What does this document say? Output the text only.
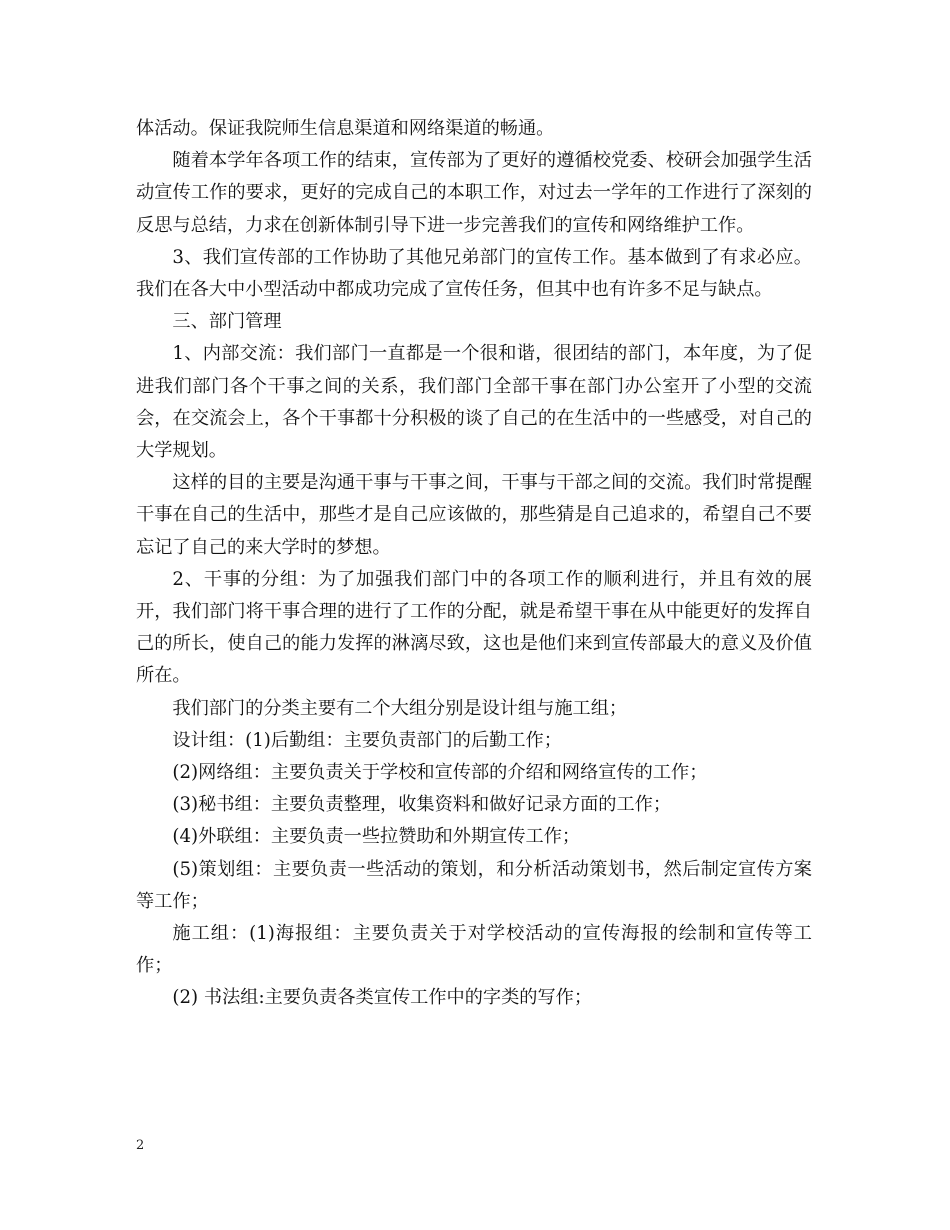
体活动。保证我院师生信息渠道和网络渠道的畅通。

随着本学年各项工作的结束，宣传部为了更好的遵循校党委、校研会加强学生活动宣传工作的要求，更好的完成自己的本职工作，对过去一学年的工作进行了深刻的反思与总结，力求在创新体制引导下进一步完善我们的宣传和网络维护工作。

3、我们宣传部的工作协助了其他兄弟部门的宣传工作。基本做到了有求必应。我们在各大中小型活动中都成功完成了宣传任务，但其中也有许多不足与缺点。

三、部门管理

1、内部交流：我们部门一直都是一个很和谐，很团结的部门，本年度，为了促进我们部门各个干事之间的关系，我们部门全部干事在部门办公室开了小型的交流会，在交流会上，各个干事都十分积极的谈了自己的在生活中的一些感受，对自己的大学规划。

这样的目的主要是沟通干事与干事之间，干事与干部之间的交流。我们时常提醒干事在自己的生活中，那些才是自己应该做的，那些猜是自己追求的，希望自己不要忘记了自己的来大学时的梦想。

2、干事的分组：为了加强我们部门中的各项工作的顺利进行，并且有效的展开，我们部门将干事合理的进行了工作的分配，就是希望干事在从中能更好的发挥自己的所长，使自己的能力发挥的淋漓尽致，这也是他们来到宣传部最大的意义及价值所在。

我们部门的分类主要有二个大组分别是设计组与施工组；

设计组：(1)后勤组：主要负责部门的后勤工作；

(2)网络组：主要负责关于学校和宣传部的介绍和网络宣传的工作；

(3)秘书组：主要负责整理，收集资料和做好记录方面的工作；

(4)外联组：主要负责一些拉赞助和外期宣传工作；

(5)策划组：主要负责一些活动的策划，和分析活动策划书，然后制定宣传方案等工作；

施工组：(1)海报组：主要负责关于对学校活动的宣传海报的绘制和宣传等工作；

(2) 书法组:主要负责各类宣传工作中的字类的写作；

2
